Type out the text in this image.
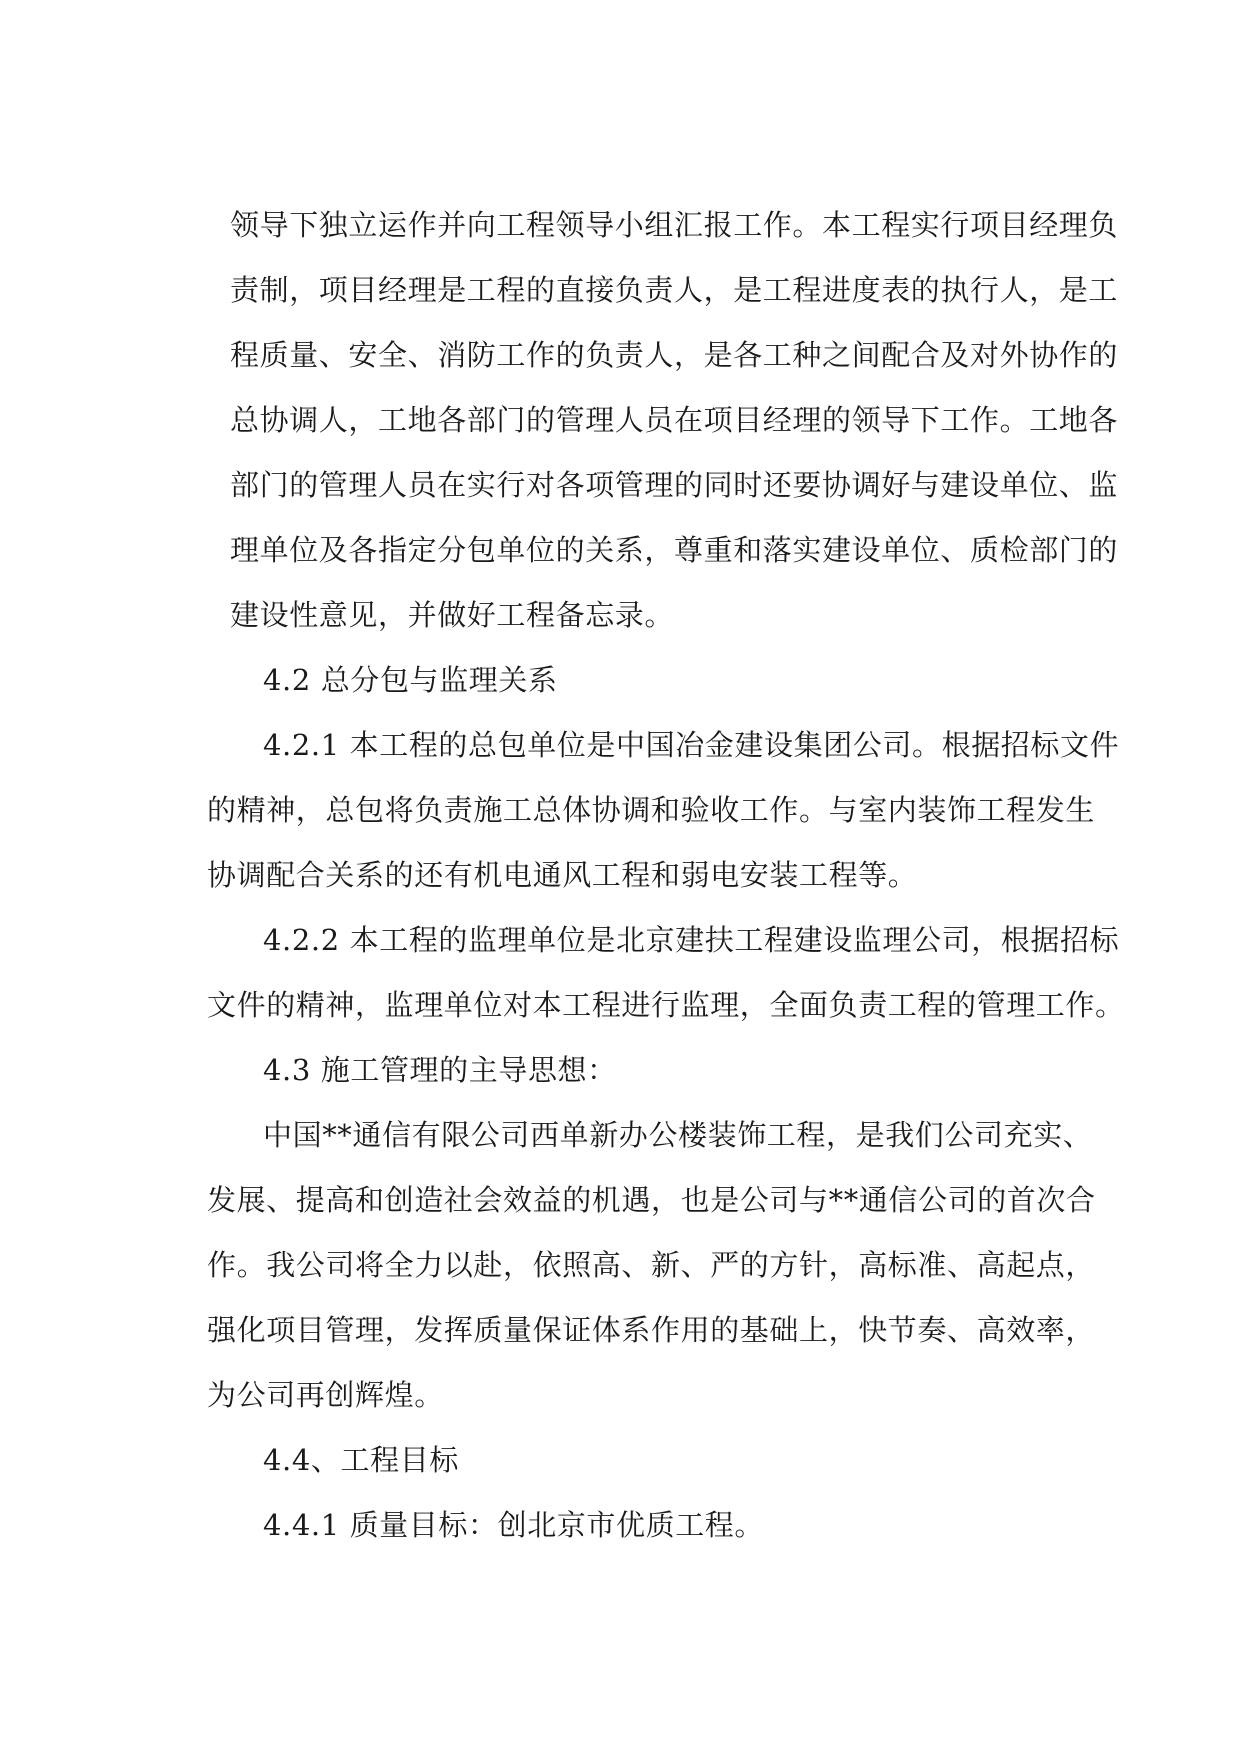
领导下独立运作并向工程领导小组汇报工作。本工程实行项目经理负
责制，项目经理是工程的直接负责人，是工程进度表的执行人，是工
程质量、安全、消防工作的负责人，是各工种之间配合及对外协作的
总协调人，工地各部门的管理人员在项目经理的领导下工作。工地各
部门的管理人员在实行对各项管理的同时还要协调好与建设单位、监
理单位及各指定分包单位的关系，尊重和落实建设单位、质检部门的
建设性意见，并做好工程备忘录。
4.2 总分包与监理关系
4.2.1 本工程的总包单位是中国冶金建设集团公司。根据招标文件
的精神，总包将负责施工总体协调和验收工作。与室内装饰工程发生
协调配合关系的还有机电通风工程和弱电安装工程等。
4.2.2 本工程的监理单位是北京建扶工程建设监理公司，根据招标
文件的精神，监理单位对本工程进行监理，全面负责工程的管理工作。
4.3 施工管理的主导思想：
中国**通信有限公司西单新办公楼装饰工程，是我们公司充实、
发展、提高和创造社会效益的机遇，也是公司与**通信公司的首次合
作。我公司将全力以赴，依照高、新、严的方针，高标准、高起点，
强化项目管理，发挥质量保证体系作用的基础上，快节奏、高效率，
为公司再创辉煌。
4.4、工程目标
4.4.1 质量目标：创北京市优质工程。
